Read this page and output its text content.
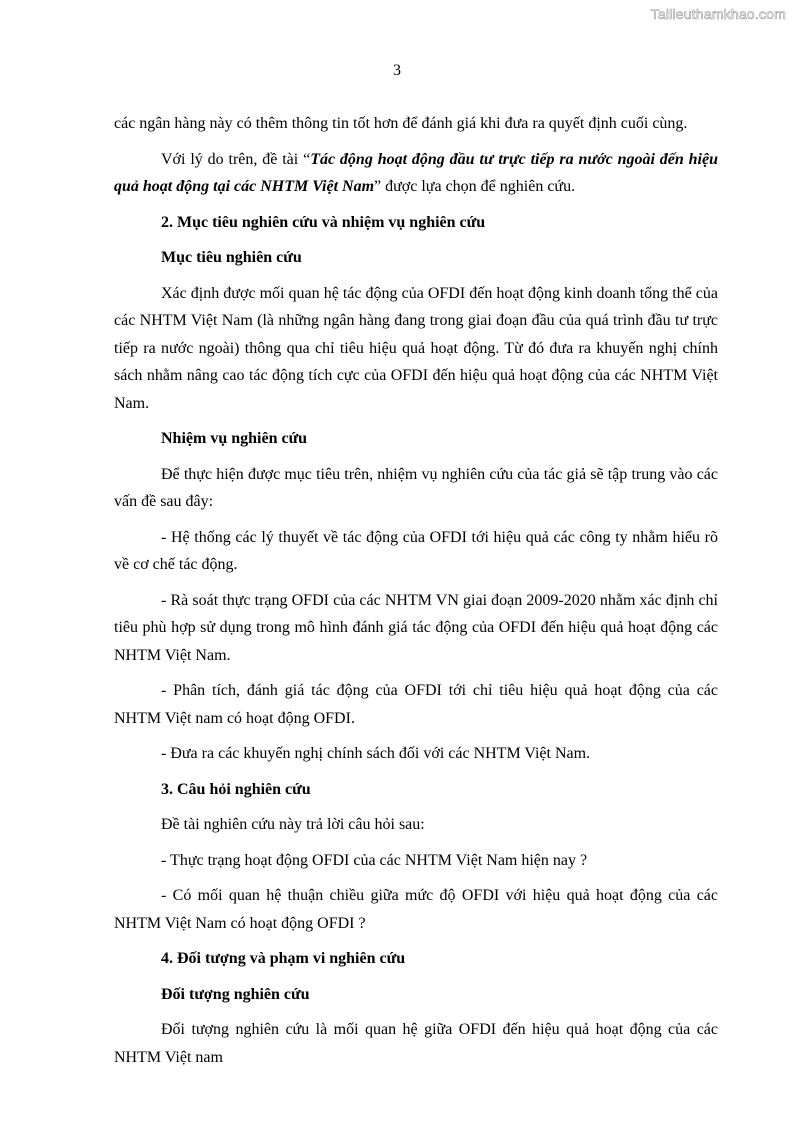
Tailieuthamkhao.com
3

các ngân hàng này có thêm thông tin tốt hơn để đánh giá khi đưa ra quyết định cuối cùng.

Với lý do trên, đề tài “Tác động hoạt động đầu tư trực tiếp ra nước ngoài đến hiệu quả hoạt động tại các NHTM Việt Nam” được lựa chọn để nghiên cứu.

2. Mục tiêu nghiên cứu và nhiệm vụ nghiên cứu

Mục tiêu nghiên cứu

Xác định được mối quan hệ tác động của OFDI đến hoạt động kinh doanh tổng thể của các NHTM Việt Nam (là những ngân hàng đang trong giai đoạn đầu của quá trình đầu tư trực tiếp ra nước ngoài) thông qua chỉ tiêu hiệu quả hoạt động. Từ đó đưa ra khuyến nghị chính sách nhằm nâng cao tác động tích cực của OFDI đến hiệu quả hoạt động của các NHTM Việt Nam.

Nhiệm vụ nghiên cứu

Để thực hiện được mục tiêu trên, nhiệm vụ nghiên cứu của tác giả sẽ tập trung vào các vấn đề sau đây:

- Hệ thống các lý thuyết về tác động của OFDI tới hiệu quả các công ty nhằm hiểu rõ về cơ chế tác động.

- Rà soát thực trạng OFDI của các NHTM VN giai đoạn 2009-2020 nhằm xác định chỉ tiêu phù hợp sử dụng trong mô hình đánh giá tác động của OFDI đến hiệu quả hoạt động các NHTM Việt Nam.

- Phân tích, đánh giá tác động của OFDI tới chỉ tiêu hiệu quả hoạt động của các NHTM Việt nam có hoạt động OFDI.

- Đưa ra các khuyến nghị chính sách đối với các NHTM Việt Nam.

3. Câu hỏi nghiên cứu

Đề tài nghiên cứu này trả lời câu hỏi sau:

- Thực trạng hoạt động OFDI của các NHTM Việt Nam hiện nay ?

- Có mối quan hệ thuận chiều giữa mức độ OFDI với hiệu quả hoạt động của các NHTM Việt Nam có hoạt động OFDI ?

4. Đối tượng và phạm vi nghiên cứu

Đối tượng nghiên cứu

Đối tượng nghiên cứu là mối quan hệ giữa OFDI đến hiệu quả hoạt động của các NHTM Việt nam
